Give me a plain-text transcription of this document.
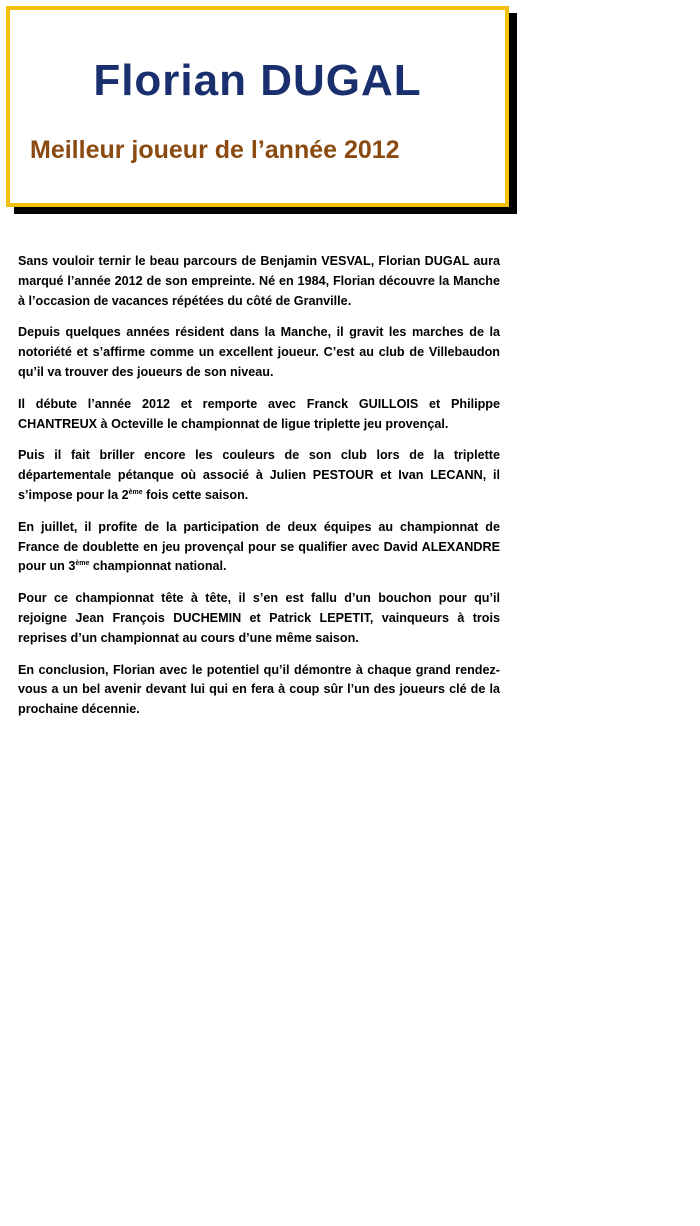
Florian DUGAL
Meilleur joueur de l’année 2012

Sans vouloir ternir le beau parcours de Benjamin VESVAL, Florian DUGAL aura marqué l’année 2012 de son empreinte. Né en 1984, Florian découvre la Manche à l’occasion de vacances répétées du côté de Granville.

Depuis quelques années résident dans la Manche, il gravit les marches de la notoriété et s’affirme comme un excellent joueur. C’est au club de Villebaudon qu’il va trouver des joueurs de son niveau.

Il débute l’année 2012 et remporte avec Franck GUILLOIS et Philippe CHANTREUX à Octeville le championnat de ligue triplette jeu provençal.

Puis il fait briller encore les couleurs de son club lors de la triplette départementale pétanque où associé à Julien PESTOUR et Ivan LECANN, il s’impose pour la 2ème fois cette saison.

En juillet, il profite de la participation de deux équipes au championnat de France de doublette en jeu provençal pour se qualifier avec David ALEXANDRE pour un 3ème championnat national.

Pour ce championnat tête à tête, il s’en est fallu d’un bouchon pour qu’il rejoigne Jean François DUCHEMIN et Patrick LEPETIT, vainqueurs à trois reprises d’un championnat au cours d’une même saison.

En conclusion, Florian avec le potentiel qu’il démontre à chaque grand rendez-vous a un bel avenir devant lui qui en fera à coup sûr l’un des joueurs clé de la prochaine décennie.
